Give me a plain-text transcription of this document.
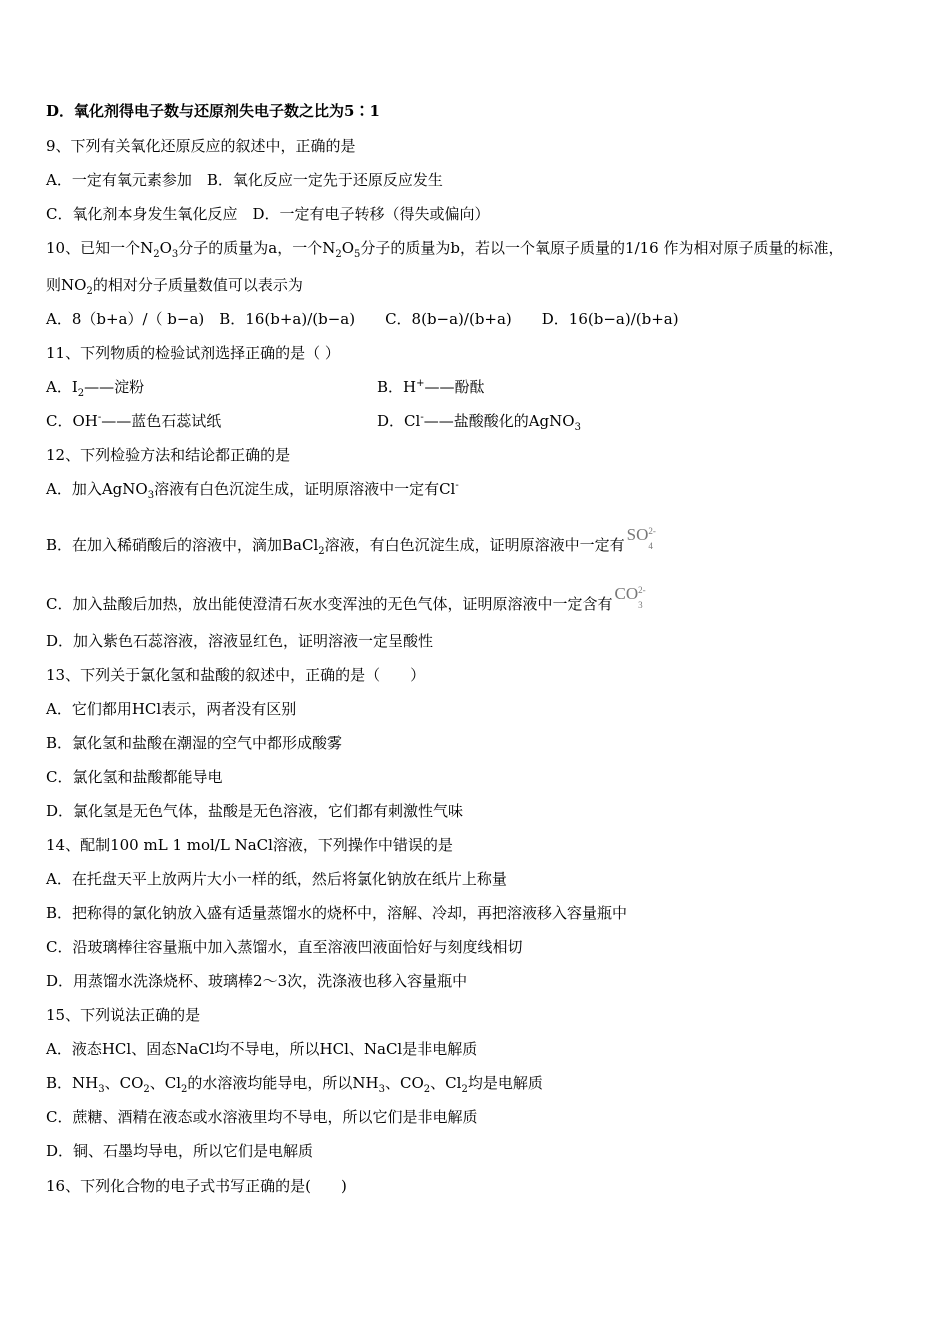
D．氧化剂得电子数与还原剂失电子数之比为5∶1
9、下列有关氧化还原反应的叙述中，正确的是
A．一定有氧元素参加　B．氧化反应一定先于还原反应发生
C．氧化剂本身发生氧化反应　D．一定有电子转移（得失或偏向）
10、已知一个$N_2O_3$分子的质量为a，一个$N_2O_5$分子的质量为b，若以一个氧原子质量的1/16 作为相对原子质量的标准，
则$NO_2$的相对分子质量数值可以表示为
A．8（b+a）/（ b−a)　B．16(b+a)/(b−a)　　C．8(b−a)/(b+a)　　D．16(b−a)/(b+a)
11、下列物质的检验试剂选择正确的是（ ）
A．$I_2——$淀粉	B．H+——酚酞
C．OH-——蓝色石蕊试纸	D．Cl-——盐酸酸化的AgNO$_3$
12、下列检验方法和结论都正确的是
A．加入AgNO$_3$溶液有白色沉淀生成，证明原溶液中一定有Cl-
B．在加入稀硝酸后的溶液中，滴加BaCl$_2$溶液，有白色沉淀生成，证明原溶液中一定有SO 2-
4
C．加入盐酸后加热，放出能使澄清石灰水变浑浊的无色气体，证明原溶液中一定含有CO 2-
3
D．加入紫色石蕊溶液，溶液显红色，证明溶液一定呈酸性
13、下列关于氯化氢和盐酸的叙述中，正确的是（　　）
A．它们都用HCl表示，两者没有区别
B．氯化氢和盐酸在潮湿的空气中都形成酸雾
C．氯化氢和盐酸都能导电
D．氯化氢是无色气体，盐酸是无色溶液，它们都有刺激性气味
14、配制100 mL 1 mol/L NaCl溶液，下列操作中错误的是
A．在托盘天平上放两片大小一样的纸，然后将氯化钠放在纸片上称量
B．把称得的氯化钠放入盛有适量蒸馏水的烧杯中，溶解、冷却，再把溶液移入容量瓶中
C．沿玻璃棒往容量瓶中加入蒸馏水，直至溶液凹液面恰好与刻度线相切
D．用蒸馏水洗涤烧杯、玻璃棒2～3次，洗涤液也移入容量瓶中
15、下列说法正确的是
A．液态HCl、固态NaCl均不导电，所以HCl、NaCl是非电解质
B．$NH_3$、$CO_2$、$Cl_2$的水溶液均能导电，所以$NH_3$、$CO_2$、$Cl_2$均是电解质
C．蔗糖、酒精在液态或水溶液里均不导电，所以它们是非电解质
D．铜、石墨均导电，所以它们是电解质
16、下列化合物的电子式书写正确的是(　　)
